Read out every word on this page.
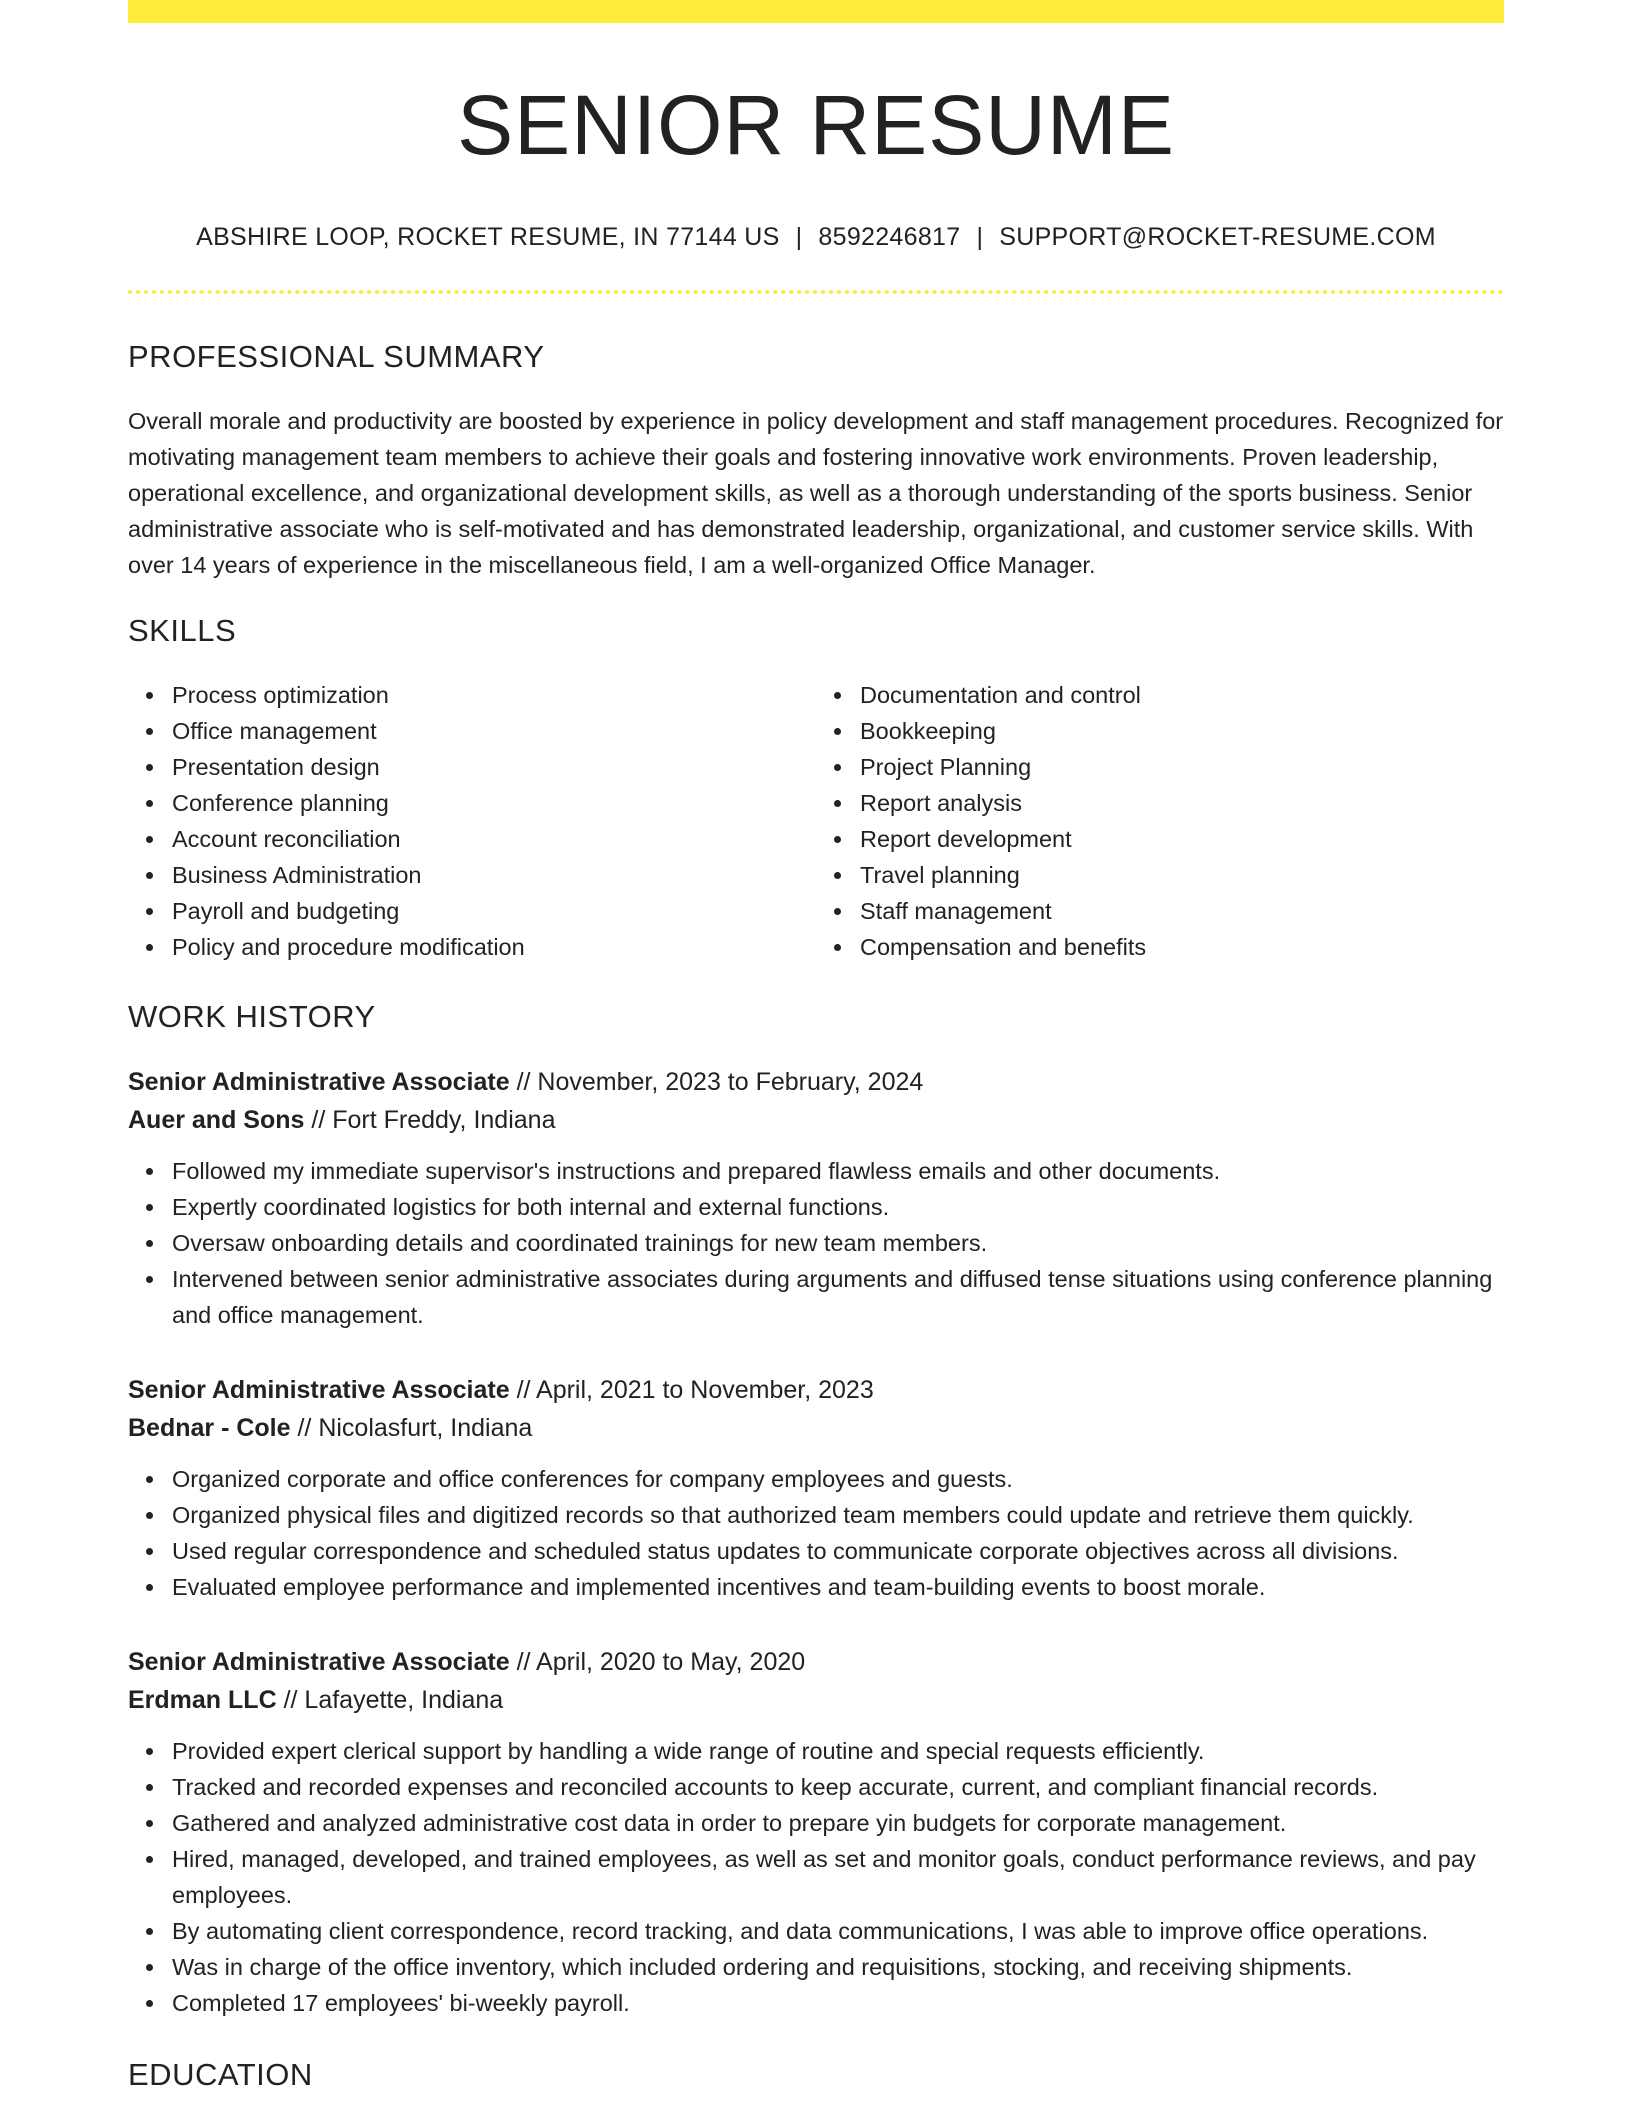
SENIOR RESUME
ABSHIRE LOOP, ROCKET RESUME, IN 77144 US | 8592246817 | SUPPORT@ROCKET-RESUME.COM
PROFESSIONAL SUMMARY

Overall morale and productivity are boosted by experience in policy development and staff management procedures. Recognized for motivating management team members to achieve their goals and fostering innovative work environments. Proven leadership, operational excellence, and organizational development skills, as well as a thorough understanding of the sports business. Senior administrative associate who is self-motivated and has demonstrated leadership, organizational, and customer service skills. With over 14 years of experience in the miscellaneous field, I am a well-organized Office Manager.

SKILLS
Process optimization
Office management
Presentation design
Conference planning
Account reconciliation
Business Administration
Payroll and budgeting
Policy and procedure modification
Documentation and control
Bookkeeping
Project Planning
Report analysis
Report development
Travel planning
Staff management
Compensation and benefits
WORK HISTORY
Senior Administrative Associate // November, 2023 to February, 2024
Auer and Sons // Fort Freddy, Indiana
Followed my immediate supervisor's instructions and prepared flawless emails and other documents.
Expertly coordinated logistics for both internal and external functions.
Oversaw onboarding details and coordinated trainings for new team members.
Intervened between senior administrative associates during arguments and diffused tense situations using conference planning and office management.
Senior Administrative Associate // April, 2021 to November, 2023
Bednar - Cole // Nicolasfurt, Indiana
Organized corporate and office conferences for company employees and guests.
Organized physical files and digitized records so that authorized team members could update and retrieve them quickly.
Used regular correspondence and scheduled status updates to communicate corporate objectives across all divisions.
Evaluated employee performance and implemented incentives and team-building events to boost morale.
Senior Administrative Associate // April, 2020 to May, 2020
Erdman LLC // Lafayette, Indiana
Provided expert clerical support by handling a wide range of routine and special requests efficiently.
Tracked and recorded expenses and reconciled accounts to keep accurate, current, and compliant financial records.
Gathered and analyzed administrative cost data in order to prepare yin budgets for corporate management.
Hired, managed, developed, and trained employees, as well as set and monitor goals, conduct performance reviews, and pay employees.
By automating client correspondence, record tracking, and data communications, I was able to improve office operations.
Was in charge of the office inventory, which included ordering and requisitions, stocking, and receiving shipments.
Completed 17 employees' bi-weekly payroll.
EDUCATION
